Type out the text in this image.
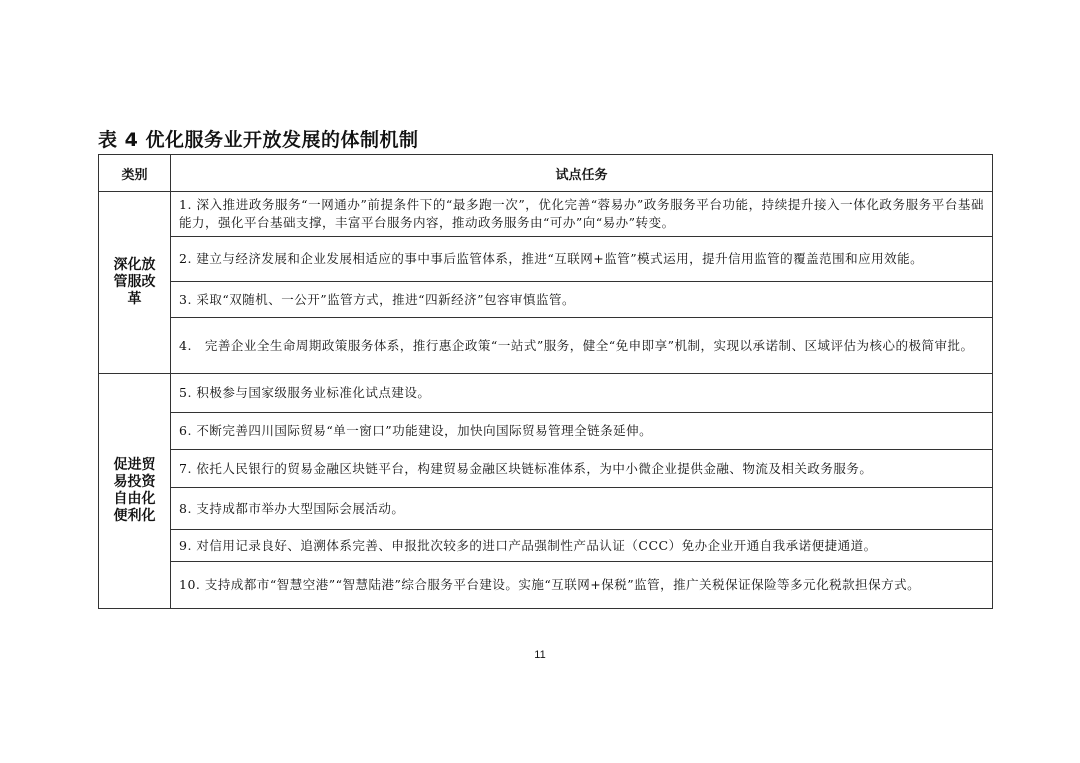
表 4 优化服务业开放发展的体制机制
类别	试点任务

深化放管服改革	1. 深入推进政务服务“一网通办”前提条件下的“最多跑一次”，优化完善“蓉易办”政务服务平台功能，持续提升接入一体化政务服务平台基础能力，强化平台基础支撑，丰富平台服务内容，推动政务服务由“可办”向“易办”转变。
	2. 建立与经济发展和企业发展相适应的事中事后监管体系，推进“互联网+监管”模式运用，提升信用监管的覆盖范围和应用效能。
	3. 采取“双随机、一公开”监管方式，推进“四新经济”包容审慎监管。
	4.　完善企业全生命周期政策服务体系，推行惠企政策“一站式”服务，健全“免申即享”机制，实现以承诺制、区域评估为核心的极简审批。

促进贸易投资自由化便利化	5. 积极参与国家级服务业标准化试点建设。
	6. 不断完善四川国际贸易“单一窗口”功能建设，加快向国际贸易管理全链条延伸。
	7. 依托人民银行的贸易金融区块链平台，构建贸易金融区块链标准体系，为中小微企业提供金融、物流及相关政务服务。
	8. 支持成都市举办大型国际会展活动。
	9. 对信用记录良好、追溯体系完善、申报批次较多的进口产品强制性产品认证（CCC）免办企业开通自我承诺便捷通道。
	10. 支持成都市“智慧空港”“智慧陆港”综合服务平台建设。实施“互联网+保税”监管，推广关税保证保险等多元化税款担保方式。
11
